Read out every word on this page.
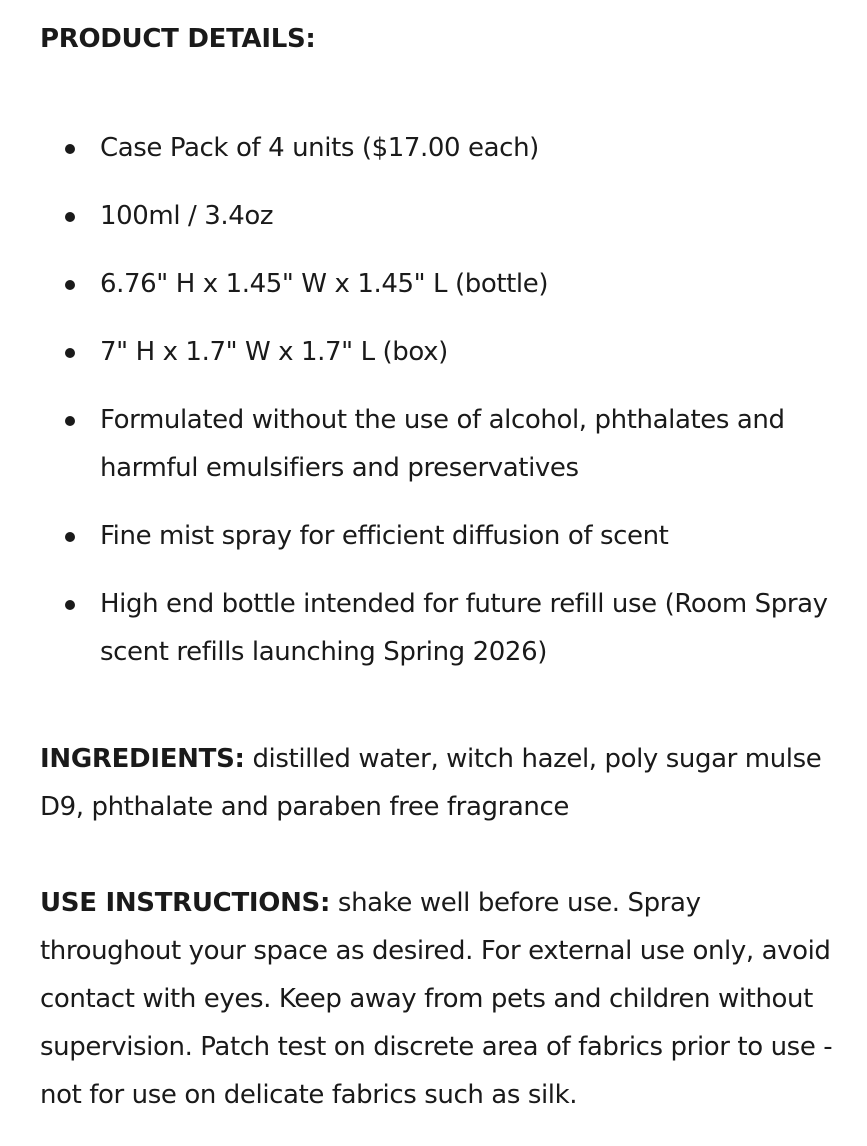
PRODUCT DETAILS:
Case Pack of 4 units ($17.00 each)
100ml / 3.4oz
6.76" H x 1.45" W x 1.45" L (bottle)
7" H x 1.7" W x 1.7" L (box)
Formulated without the use of alcohol, phthalates and harmful emulsifiers and preservatives
Fine mist spray for efficient diffusion of scent
High end bottle intended for future refill use (Room Spray scent refills launching Spring 2026)

INGREDIENTS: distilled water, witch hazel, poly sugar mulse D9, phthalate and paraben free fragrance

USE INSTRUCTIONS: shake well before use. Spray throughout your space as desired. For external use only, avoid contact with eyes. Keep away from pets and children without supervision. Patch test on discrete area of fabrics prior to use - not for use on delicate fabrics such as silk.
